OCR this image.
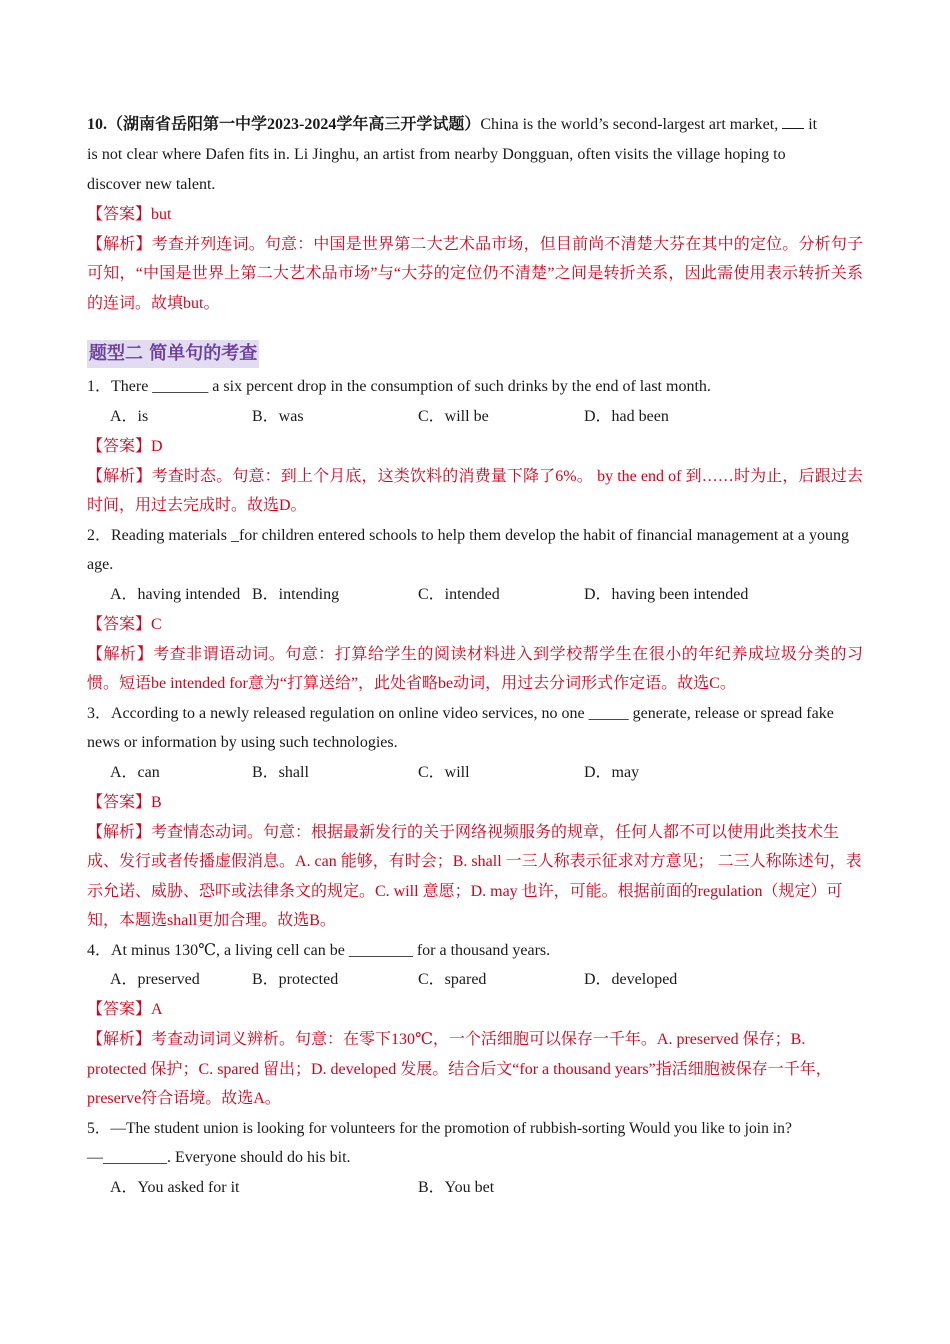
10.（湖南省岳阳第一中学2023-2024学年高三开学试题）China is the world’s second-largest art market, it
is not clear where Dafen fits in. Li Jinghu, an artist from nearby Dongguan, often visits the village hoping to
discover new talent.
【答案】but
【解析】考查并列连词。句意：中国是世界第二大艺术品市场，但目前尚不清楚大芬在其中的定位。分析句子可知，“中国是世界上第二大艺术品市场”与“大芬的定位仍不清楚”之间是转折关系，因此需使用表示转折关系的连词。故填but。
题型二 简单句的考查
1．There _______ a six percent drop in the consumption of such drinks by the end of last month.
A．is	B．was	C．will be	D．had been
【答案】D
【解析】考查时态。句意：到上个月底，这类饮料的消费量下降了6%。 by the end of 到……时为止，后跟过去时间，用过去完成时。故选D。
2．Reading materials _for children entered schools to help them develop the habit of financial management at a young age.
A．having intended B．intending	C．intended	D．having been intended
【答案】C
【解析】考查非谓语动词。句意：打算给学生的阅读材料进入到学校帮学生在很小的年纪养成垃圾分类的习惯。短语be intended for意为“打算送给”，此处省略be动词，用过去分词形式作定语。故选C。
3．According to a newly released regulation on online video services, no one _____ generate, release or spread fake news or information by using such technologies.
A．can	B．shall	C．will	D．may
【答案】B
【解析】考查情态动词。句意：根据最新发行的关于网络视频服务的规章，任何人都不可以使用此类技术生成、发行或者传播虚假消息。A. can 能够，有时会；B. shall 一三人称表示征求对方意见； 二三人称陈述句，表示允诺、威胁、恐吓或法律条文的规定。C. will 意愿；D. may 也许，可能。根据前面的regulation（规定）可知，本题选shall更加合理。故选B。
4．At minus 130℃, a living cell can be ________ for a thousand years.
A．preserved	B．protected	C．spared	D．developed
【答案】A
【解析】考查动词词义辨析。句意：在零下130℃，一个活细胞可以保存一千年。A. preserved 保存；B. protected 保护；C. spared 留出；D. developed 发展。结合后文“for a thousand years”指活细胞被保存一千年，preserve符合语境。故选A。
5．—The student union is looking for volunteers for the promotion of rubbish-sorting Would you like to join in?
—________. Everyone should do his bit.
A．You asked for it	B．You bet
